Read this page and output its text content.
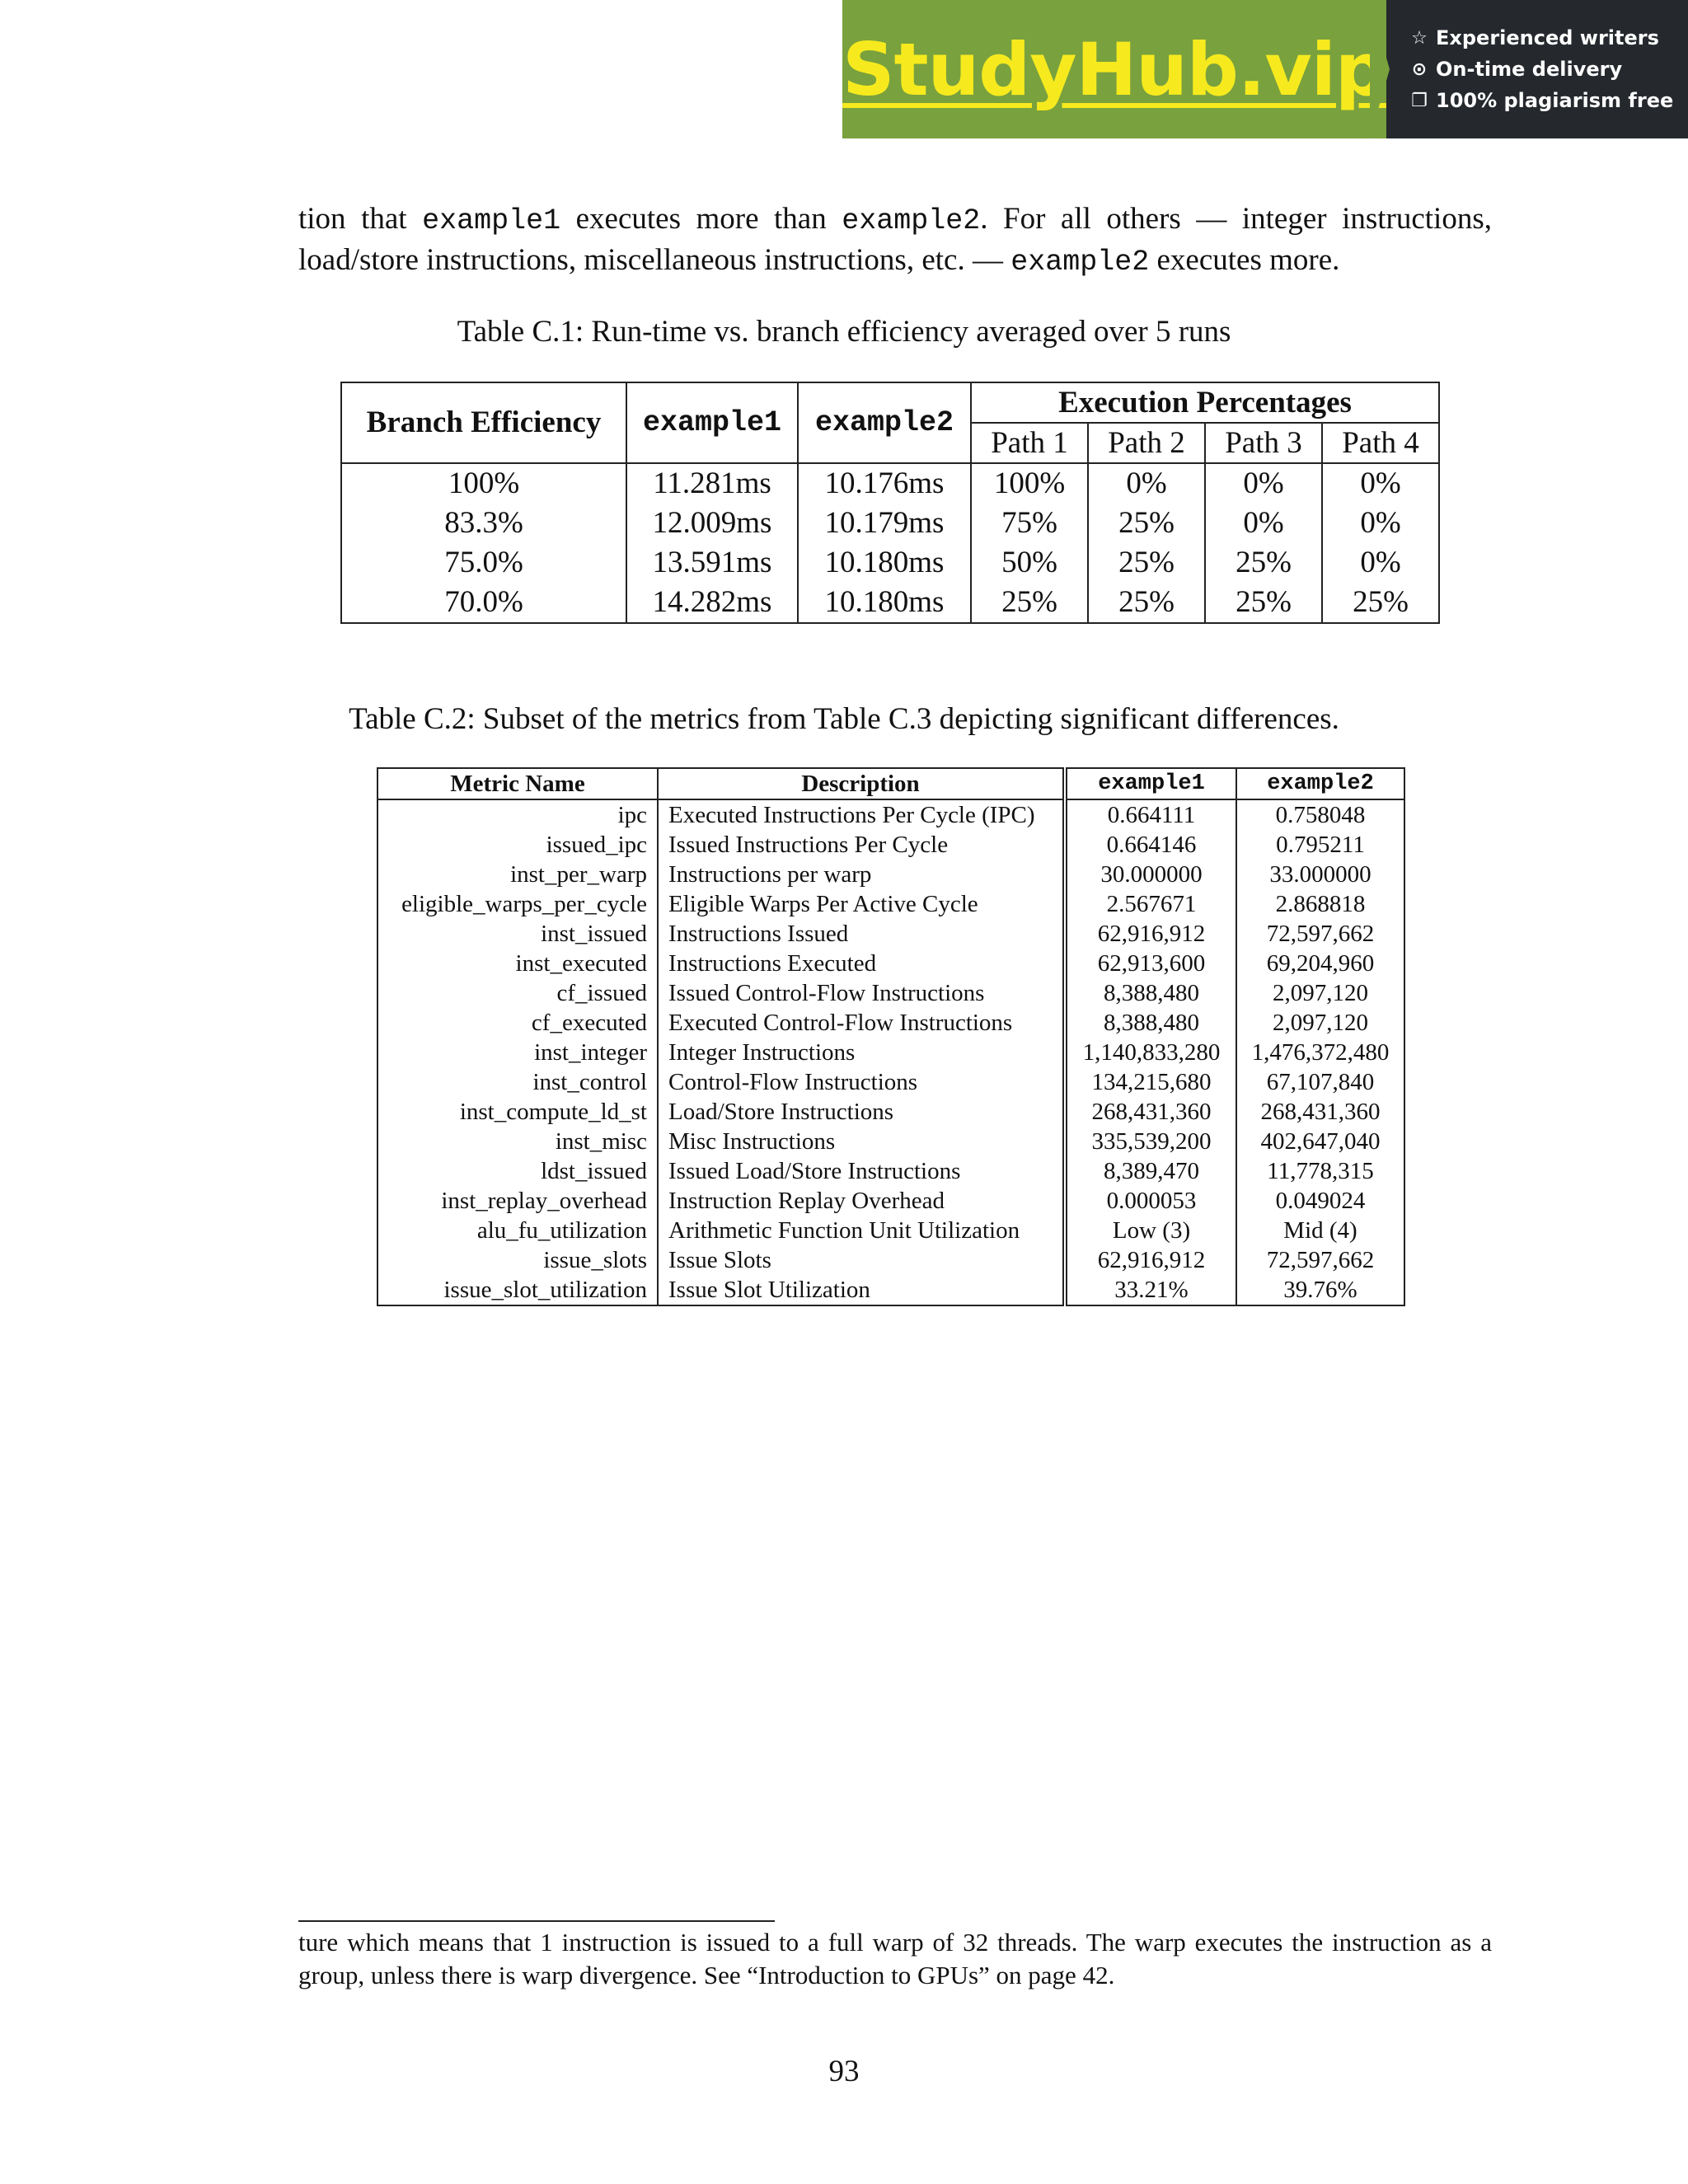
StudyHub.vip ☆ Experienced writers
⊙ On-time delivery
❐ 100% plagiarism free
tion that example1 executes more than example2. For all others — integer instructions, load/store instructions, miscellaneous instructions, etc. — example2 executes more.
Table C.1: Run-time vs. branch efficiency averaged over 5 runs
Branch Efficiency	example1	example2	Execution Percentages			
			Path 1	Path 2	Path 3	Path 4
100%	11.281ms	10.176ms	100%	0%	0%	0%
83.3%	12.009ms	10.179ms	75%	25%	0%	0%
75.0%	13.591ms	10.180ms	50%	25%	25%	0%
70.0%	14.282ms	10.180ms	25%	25%	25%	25%
Table C.2: Subset of the metrics from Table C.3 depicting significant differences.
Metric Name	Description	example1	example2
ipc	Executed Instructions Per Cycle (IPC)	0.664111	0.758048
issued_ipc	Issued Instructions Per Cycle	0.664146	0.795211
inst_per_warp	Instructions per warp	30.000000	33.000000
eligible_warps_per_cycle	Eligible Warps Per Active Cycle	2.567671	2.868818
inst_issued	Instructions Issued	62,916,912	72,597,662
inst_executed	Instructions Executed	62,913,600	69,204,960
cf_issued	Issued Control-Flow Instructions	8,388,480	2,097,120
cf_executed	Executed Control-Flow Instructions	8,388,480	2,097,120
inst_integer	Integer Instructions	1,140,833,280	1,476,372,480
inst_control	Control-Flow Instructions	134,215,680	67,107,840
inst_compute_ld_st	Load/Store Instructions	268,431,360	268,431,360
inst_misc	Misc Instructions	335,539,200	402,647,040
ldst_issued	Issued Load/Store Instructions	8,389,470	11,778,315
inst_replay_overhead	Instruction Replay Overhead	0.000053	0.049024
alu_fu_utilization	Arithmetic Function Unit Utilization	Low (3)	Mid (4)
issue_slots	Issue Slots	62,916,912	72,597,662
issue_slot_utilization	Issue Slot Utilization	33.21%	39.76%
ture which means that 1 instruction is issued to a full warp of 32 threads. The warp executes the instruction as a group, unless there is warp divergence. See “Introduction to GPUs” on page 42.
93
